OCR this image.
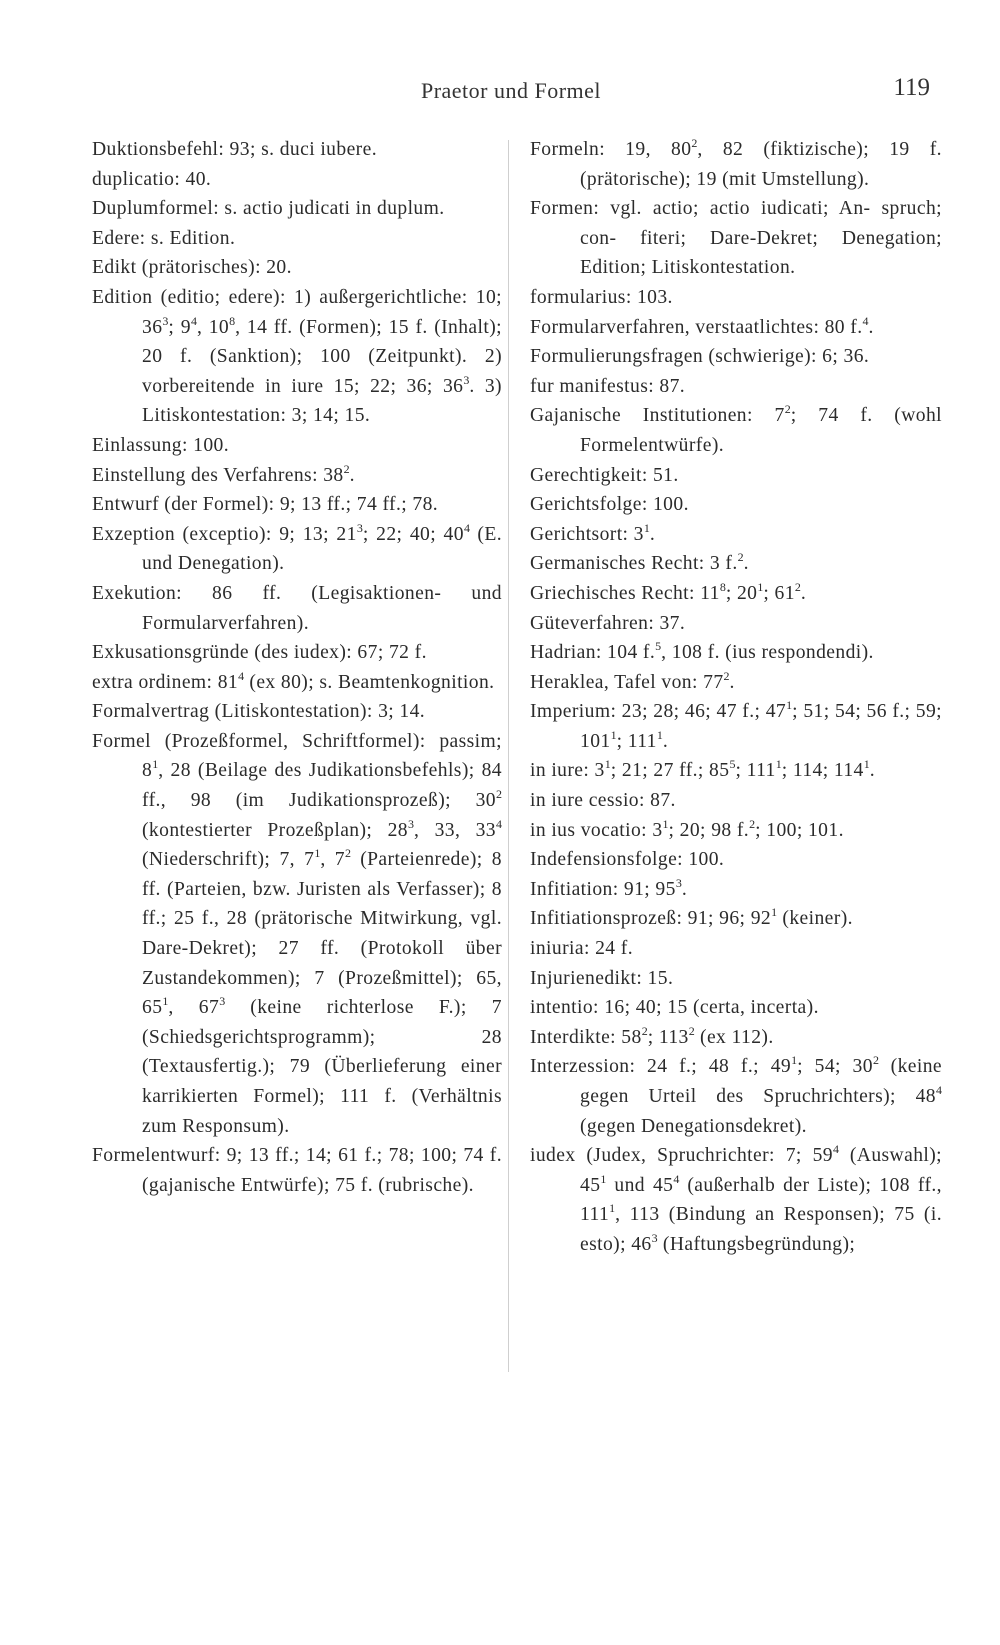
Praetor und Formel	119

Duktionsbefehl: 93; s. duci iubere.

duplicatio: 40.

Duplumformel: s. actio judicati in duplum.

Edere: s. Edition.

Edikt (prätorisches): 20.

Edition (editio; edere): 1) außergerichtliche: 10; $36^3$; $9^4$, $10^8$, 14 ff. (Formen); 15 f. (Inhalt); 20 f. (Sanktion); 100 (Zeitpunkt). 2) vorbereitende in iure 15; 22; 36; $36^3$. 3) Litiskontestation: 3; 14; 15.

Einlassung: 100.

Einstellung des Verfahrens: $38^2$.

Entwurf (der Formel): 9; 13 ff.; 74 ff.; 78.

Exzeption (exceptio): 9; 13; $21^3$; 22; 40; $40^4$ (E. und Denegation).

Exekution: 86 ff. (Legisaktionen- und Formularverfahren).

Exkusationsgründe (des iudex): 67; 72 f.

extra ordinem: $81^4$ (ex 80); s. Beamtenkognition.

Formalvertrag (Litiskontestation): 3; 14.

Formel (Prozeßformel, Schriftformel): passim; $8^1$, 28 (Beilage des Judikationsbefehls); 84 ff., 98 (im Judikationsprozeß); $30^2$ (kontestierter Prozeßplan); $28^3$, 33, $33^4$ (Niederschrift); 7, $7^1$, $7^2$ (Parteienrede); 8 ff. (Parteien, bzw. Juristen als Verfasser); 8 ff.; 25 f., 28 (prätorische Mitwirkung, vgl. Dare-Dekret); 27 ff. (Protokoll über Zustandekommen); 7 (Prozeßmittel); 65, $65^1$, $67^3$ (keine richterlose F.); 7 (Schiedsgerichtsprogramm); 28 (Textausfertig.); 79 (Überlieferung einer karrikierten Formel); 111 f. (Verhältnis zum Responsum).

Formelentwurf: 9; 13 ff.; 14; 61 f.; 78; 100; 74 f. (gajanische Entwürfe); 75 f. (rubrische).

Formeln: 19, $80^2$, 82 (fiktizische); 19 f. (prätorische); 19 (mit Umstellung).

Formen: vgl. actio; actio iudicati; An- spruch; con- fiteri; Dare-Dekret; Denegation; Edition; Litiskontestation.

formularius: 103.

Formularverfahren, verstaatlichtes: 80 f.$^4$.

Formulierungsfragen (schwierige): 6; 36.

fur manifestus: 87.

Gajanische Institutionen: $7^2$; 74 f. (wohl Formelentwürfe).

Gerechtigkeit: 51.

Gerichtsfolge: 100.

Gerichtsort: $3^1$.

Germanisches Recht: 3 f.$^2$.

Griechisches Recht: $11^8$; $20^1$; $61^2$.

Güteverfahren: 37.

Hadrian: 104 f.$^5$, 108 f. (ius respondendi).

Heraklea, Tafel von: $77^2$.

Imperium: 23; 28; 46; 47 f.; $47^1$; 51; 54; 56 f.; 59; $101^1$; $111^1$.

in iure: $3^1$; 21; 27 ff.; $85^5$; $111^1$; 114; $114^1$.

in iure cessio: 87.

in ius vocatio: $3^1$; 20; 98 f.$^2$; 100; 101.

Indefensionsfolge: 100.

Infitiation: 91; $95^3$.

Infitiationsprozeß: 91; 96; $92^1$ (keiner).

iniuria: 24 f.

Injurienedikt: 15.

intentio: 16; 40; 15 (certa, incerta).

Interdikte: $58^2$; $113^2$ (ex 112).

Interzession: 24 f.; 48 f.; $49^1$; 54; $30^2$ (keine gegen Urteil des Spruchrichters); $48^4$ (gegen Denegationsdekret).

iudex (Judex, Spruchrichter: 7; $59^4$ (Auswahl); $45^1$ und $45^4$ (außerhalb der Liste); 108 ff., $111^1$, 113 (Bindung an Responsen); 75 (i. esto); $46^3$ (Haftungsbegründung);
